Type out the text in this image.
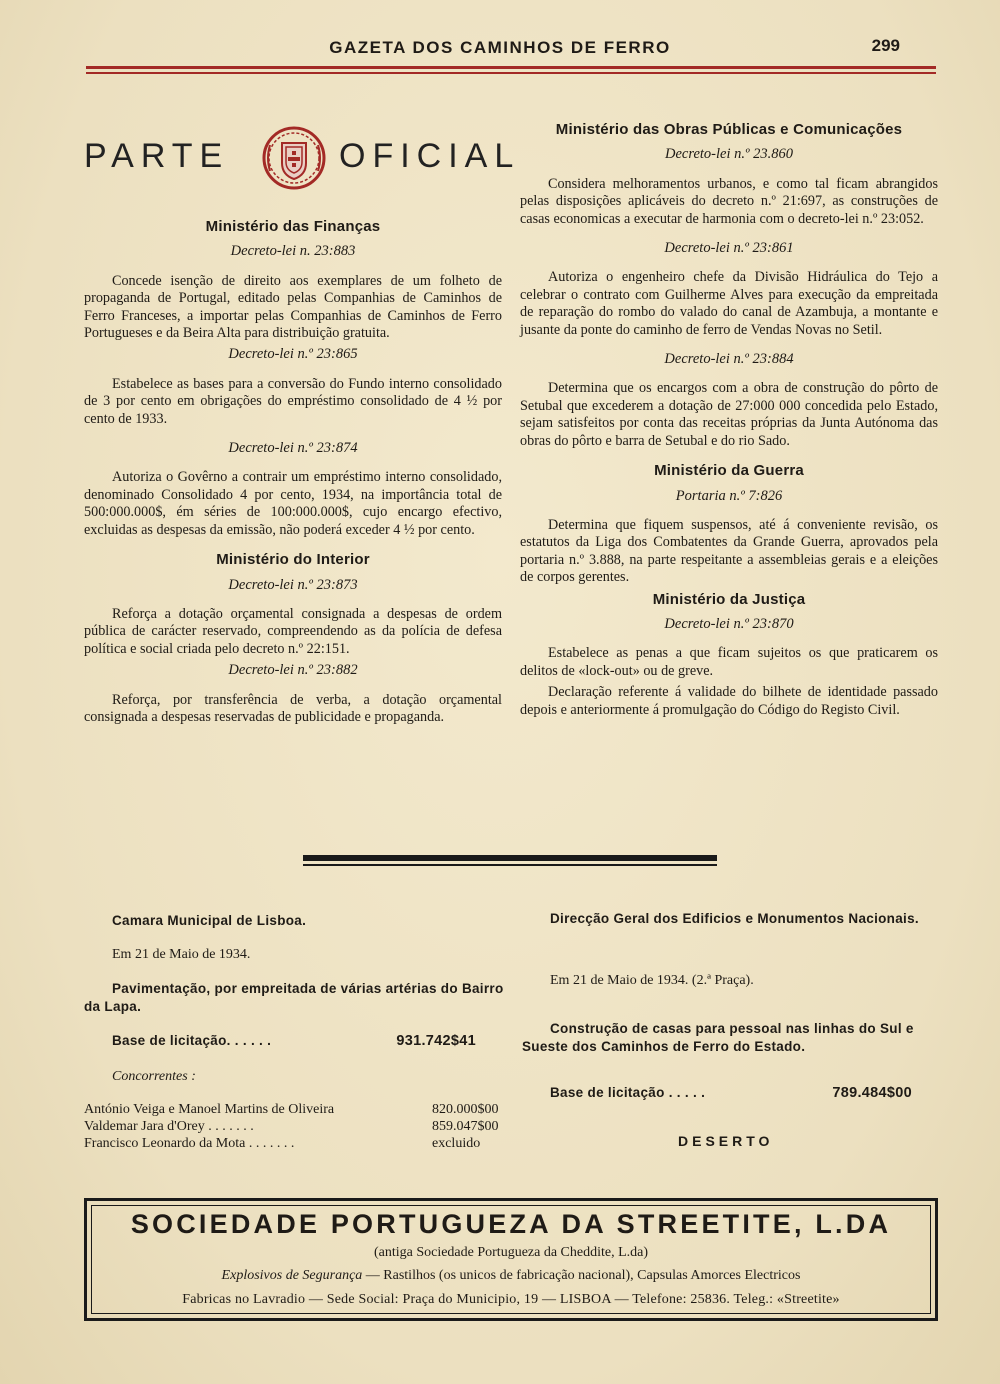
GAZETA DOS CAMINHOS DE FERRO	299
PARTE	OFICIAL
Ministério das Finanças
Decreto-lei n. 23:883

Concede isenção de direito aos exemplares de um folheto de propaganda de Portugal, editado pelas Companhias de Caminhos de Ferro Franceses, a importar pelas Companhias de Caminhos de Ferro Portugueses e da Beira Alta para distribuição gratuita.

Decreto-lei n.º 23:865

Estabelece as bases para a conversão do Fundo interno consolidado de 3 por cento em obrigações do empréstimo consolidado de 4 ½ por cento de 1933.

Decreto-lei n.º 23:874

Autoriza o Govêrno a contrair um empréstimo interno consolidado, denominado Consolidado 4 por cento, 1934, na importância total de 500:000.000$, ém séries de 100:000.000$, cujo encargo efectivo, excluidas as despesas da emissão, não poderá exceder 4 ½ por cento.

Ministério do Interior
Decreto-lei n.º 23:873

Reforça a dotação orçamental consignada a despesas de ordem pública de carácter reservado, compreendendo as da polícia de defesa política e social criada pelo decreto n.º 22:151.

Decreto-lei n.º 23:882

Reforça, por transferência de verba, a dotação orçamental consignada a despesas reservadas de publicidade e propaganda.

Ministério das Obras Públicas e Comunicações
Decreto-lei n.º 23.860

Considera melhoramentos urbanos, e como tal ficam abrangidos pelas disposições aplicáveis do decreto n.º 21:697, as construções de casas economicas a executar de harmonia com o decreto-lei n.º 23:052.

Decreto-lei n.º 23:861

Autoriza o engenheiro chefe da Divisão Hidráulica do Tejo a celebrar o contrato com Guilherme Alves para execução da empreitada de reparação do rombo do valado do canal de Azambuja, a montante e jusante da ponte do caminho de ferro de Vendas Novas no Setil.

Decreto-lei n.º 23:884

Determina que os encargos com a obra de construção do pôrto de Setubal que excederem a dotação de 27:000 000 concedida pelo Estado, sejam satisfeitos por conta das receitas próprias da Junta Autónoma das obras do pôrto e barra de Setubal e do rio Sado.

Ministério da Guerra
Portaria n.º 7:826

Determina que fiquem suspensos, até á conveniente revisão, os estatutos da Liga dos Combatentes da Grande Guerra, aprovados pela portaria n.º 3.888, na parte respeitante a assembleias gerais e a eleições de corpos gerentes.

Ministério da Justiça
Decreto-lei n.º 23:870

Estabelece as penas a que ficam sujeitos os que praticarem os delitos de «lock-out» ou de greve.

Declaração referente á validade do bilhete de identidade passado depois e anteriormente á promulgação do Código do Registo Civil.

Camara Municipal de Lisboa.
Em 21 de Maio de 1934.
Pavimentação, por empreitada de várias artérias do Bairro da Lapa.
Base de licitação. . . . . .	931.742$41
Concorrentes :
António Veiga e Manoel Martins de Oliveira	820.000$00
Valdemar Jara d'Orey . . . . . . .	859.047$00
Francisco Leonardo da Mota . . . . . . .	excluido
Direcção Geral dos Edificios e Monumentos Nacionais.
Em 21 de Maio de 1934. (2.ª Praça).
Construção de casas para pessoal nas linhas do Sul e Sueste dos Caminhos de Ferro do Estado.
Base de licitação . . . . .	789.484$00
DESERTO
SOCIEDADE PORTUGUEZA DA STREETITE, L.DA
(antiga Sociedade Portugueza da Cheddite, L.da)
Explosivos de Segurança — Rastilhos (os unicos de fabricação nacional), Capsulas Amorces Electricos
Fabricas no Lavradio — Sede Social: Praça do Municipio, 19 — LISBOA — Telefone: 25836. Teleg.: «Streetite»
